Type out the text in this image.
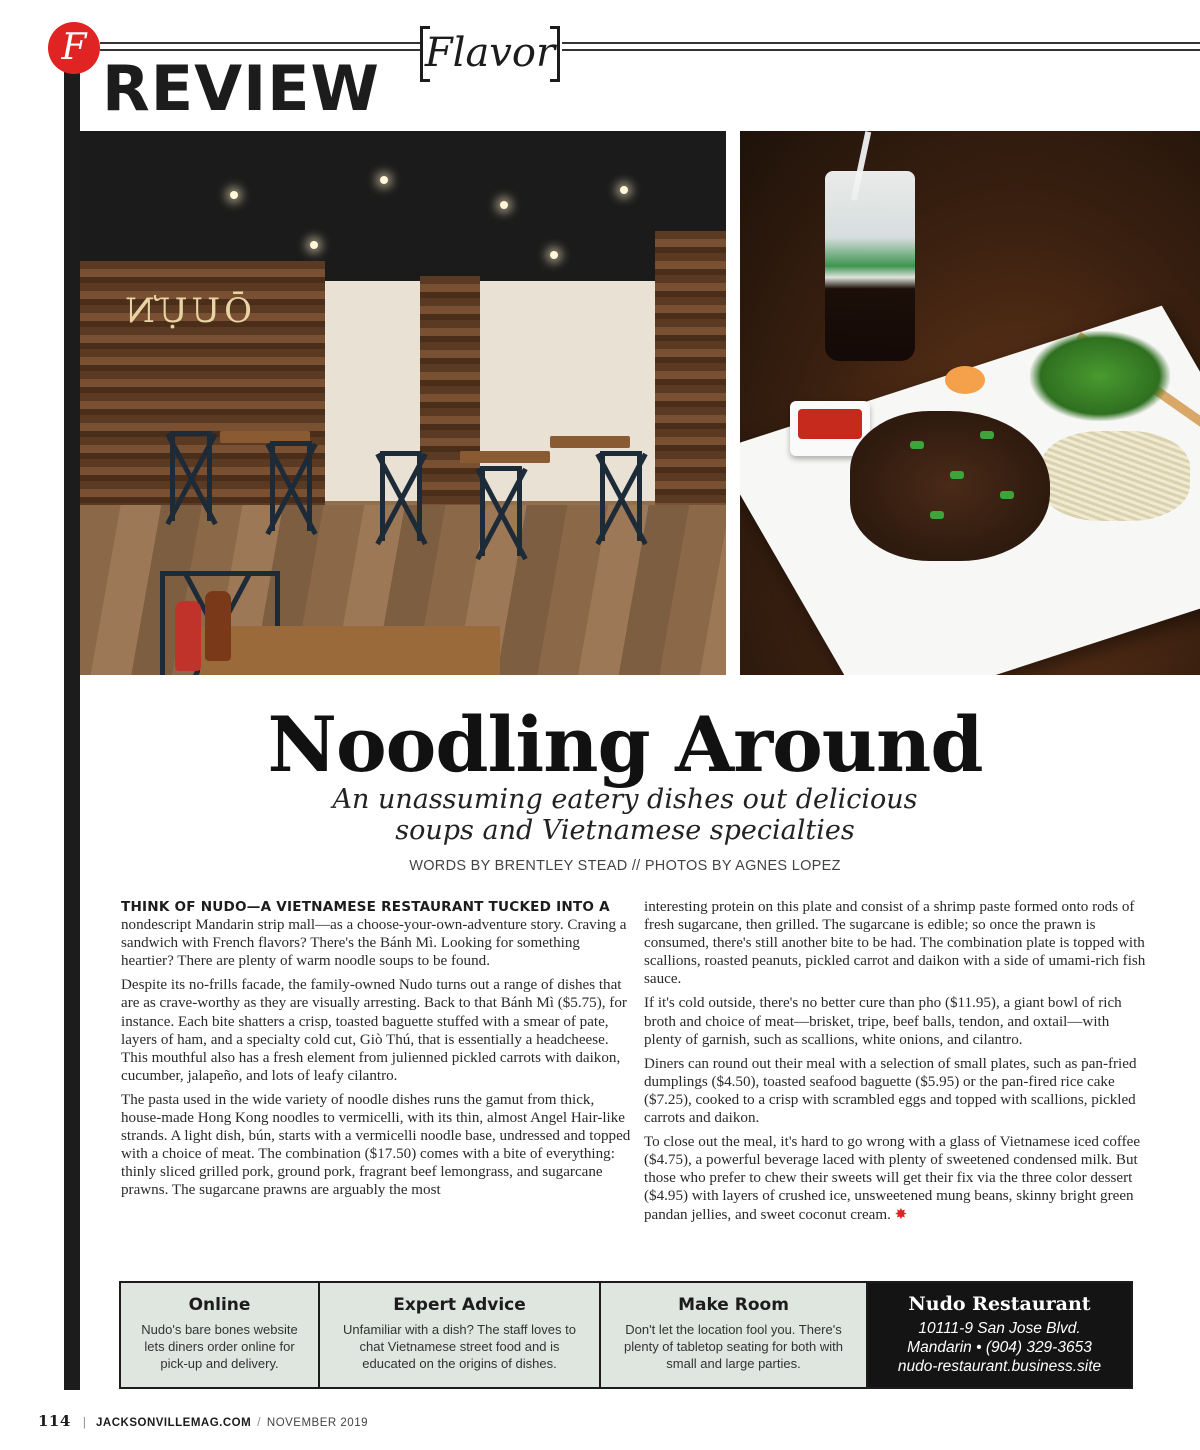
F
REVIEW Flavor
ŌUỰN
Noodling Around
An unassuming eatery dishes out delicious
soups and Vietnamese specialties
WORDS BY BRENTLEY STEAD // PHOTOS BY AGNES LOPEZ

THINK OF NUDO—A VIETNAMESE RESTAURANT TUCKED INTO A
nondescript Mandarin strip mall—as a choose-your-own-adventure story. Craving a sandwich with French flavors? There's the Bánh Mì. Looking for something heartier? There are plenty of warm noodle soups to be found.

Despite its no-frills facade, the family-owned Nudo turns out a range of dishes that are as crave-worthy as they are visually arresting. Back to that Bánh Mì ($5.75), for instance. Each bite shatters a crisp, toasted baguette stuffed with a smear of pate, layers of ham, and a specialty cold cut, Giò Thú, that is essentially a headcheese. This mouthful also has a fresh element from julienned pickled carrots with daikon, cucumber, jalapeño, and lots of leafy cilantro.

The pasta used in the wide variety of noodle dishes runs the gamut from thick, house-made Hong Kong noodles to vermicelli, with its thin, almost Angel Hair-like strands. A light dish, bún, starts with a vermicelli noodle base, undressed and topped with a choice of meat. The combination ($17.50) comes with a bite of everything: thinly sliced grilled pork, ground pork, fragrant beef lemongrass, and sugarcane prawns. The sugarcane prawns are arguably the most

interesting protein on this plate and consist of a shrimp paste formed onto rods of fresh sugarcane, then grilled. The sugarcane is edible; so once the prawn is consumed, there's still another bite to be had. The combination plate is topped with scallions, roasted peanuts, pickled carrot and daikon with a side of umami-rich fish sauce.

If it's cold outside, there's no better cure than pho ($11.95), a giant bowl of rich broth and choice of meat—brisket, tripe, beef balls, tendon, and oxtail—with plenty of garnish, such as scallions, white onions, and cilantro.

Diners can round out their meal with a selection of small plates, such as pan-fried dumplings ($4.50), toasted seafood baguette ($5.95) or the pan-fired rice cake ($7.25), cooked to a crisp with scrambled eggs and topped with scallions, pickled carrots and daikon.

To close out the meal, it's hard to go wrong with a glass of Vietnamese iced coffee ($4.75), a powerful beverage laced with plenty of sweetened condensed milk. But those who prefer to chew their sweets will get their fix via the three color dessert ($4.95) with layers of crushed ice, unsweetened mung beans, skinny bright green pandan jellies, and sweet coconut cream. ✸

Online
Nudo's bare bones website lets diners order online for pick-up and delivery.
Expert Advice
Unfamiliar with a dish? The staff loves to chat Vietnamese street food and is educated on the origins of dishes.
Make Room
Don't let the location fool you. There's plenty of tabletop seating for both with small and large parties.
Nudo Restaurant
10111-9 San Jose Blvd.
Mandarin • (904) 329-3653
nudo-restaurant.business.site
114 | JACKSONVILLEMAG.COM / NOVEMBER 2019
